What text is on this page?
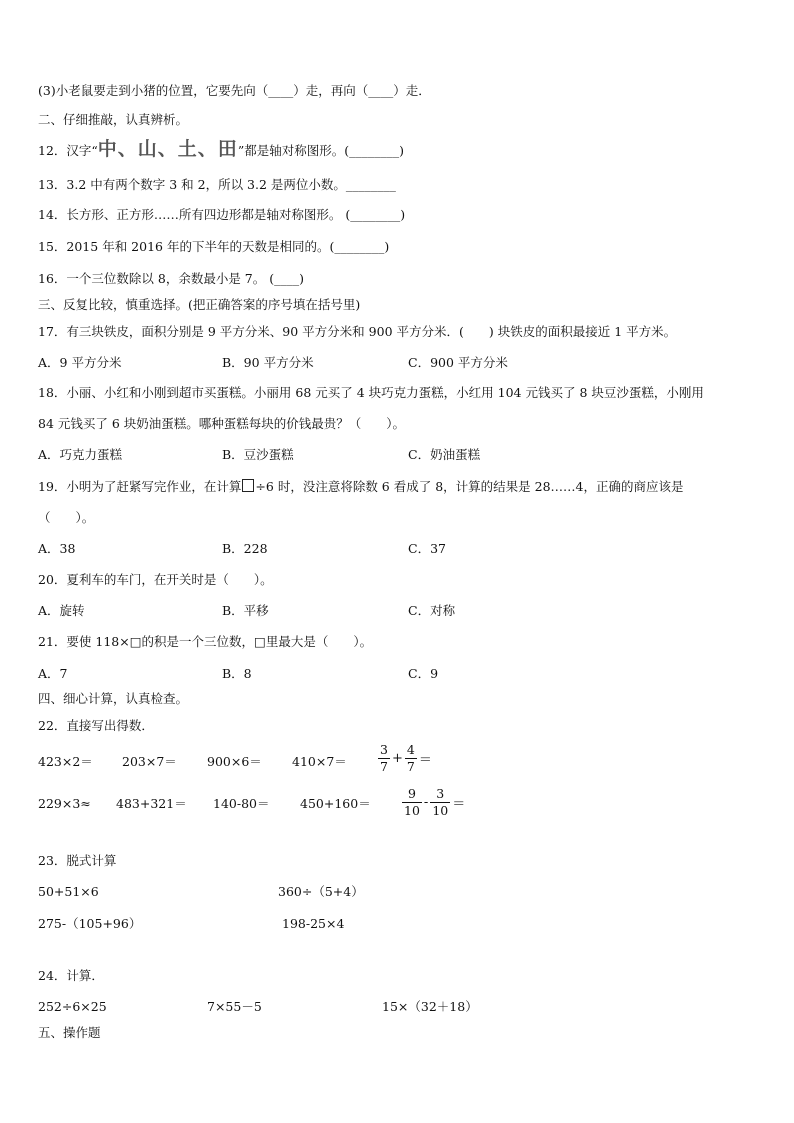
(3)小老鼠要走到小猪的位置，它要先向（____）走，再向（____）走．
二、仔细推敲，认真辨析。
12．汉字“中、山、土、田”都是轴对称图形。(________)
13．3.2 中有两个数字 3 和 2，所以 3.2 是两位小数。________
14．长方形、正方形……所有四边形都是轴对称图形。 (________)
15．2015 年和 2016 年的下半年的天数是相同的。(________)
16．一个三位数除以 8，余数最小是 7。 (____)
三、反复比较，慎重选择。(把正确答案的序号填在括号里)
17．有三块铁皮，面积分别是 9 平方分米、90 平方分米和 900 平方分米．(　　) 块铁皮的面积最接近 1 平方米。
A．9 平方分米	B．90 平方分米	C．900 平方分米
18．小丽、小红和小刚到超市买蛋糕。小丽用 68 元买了 4 块巧克力蛋糕，小红用 104 元钱买了 8 块豆沙蛋糕，小刚用
84 元钱买了 6 块奶油蛋糕。哪种蛋糕每块的价钱最贵？（　　）。
A．巧克力蛋糕	B．豆沙蛋糕	C．奶油蛋糕
19．小明为了赶紧写完作业，在计算 ÷6 时，没注意将除数 6 看成了 8，计算的结果是 28……4，正确的商应该是
（　　）。
A．38	B．228	C．37
20．夏利车的车门，在开关时是（　　）。
A．旋转	B．平移	C．对称
21．要使 118×□的积是一个三位数，□里最大是（　　）。
A．7	B．8	C．9
四、细心计算，认真检查。
22．直接写出得数．
423×2＝ 203×7＝ 900×6＝ 410×7＝
3
7
+
4
7 ＝
229×3≈ 483+321＝ 140-80＝ 450+160＝
9
10
-
3
10 ＝
23．脱式计算
50+51×6	360÷（5+4）
275-（105+96）	198-25×4
24．计算．
252÷6×25	7×55－5	15×（32＋18）
五、操作题
